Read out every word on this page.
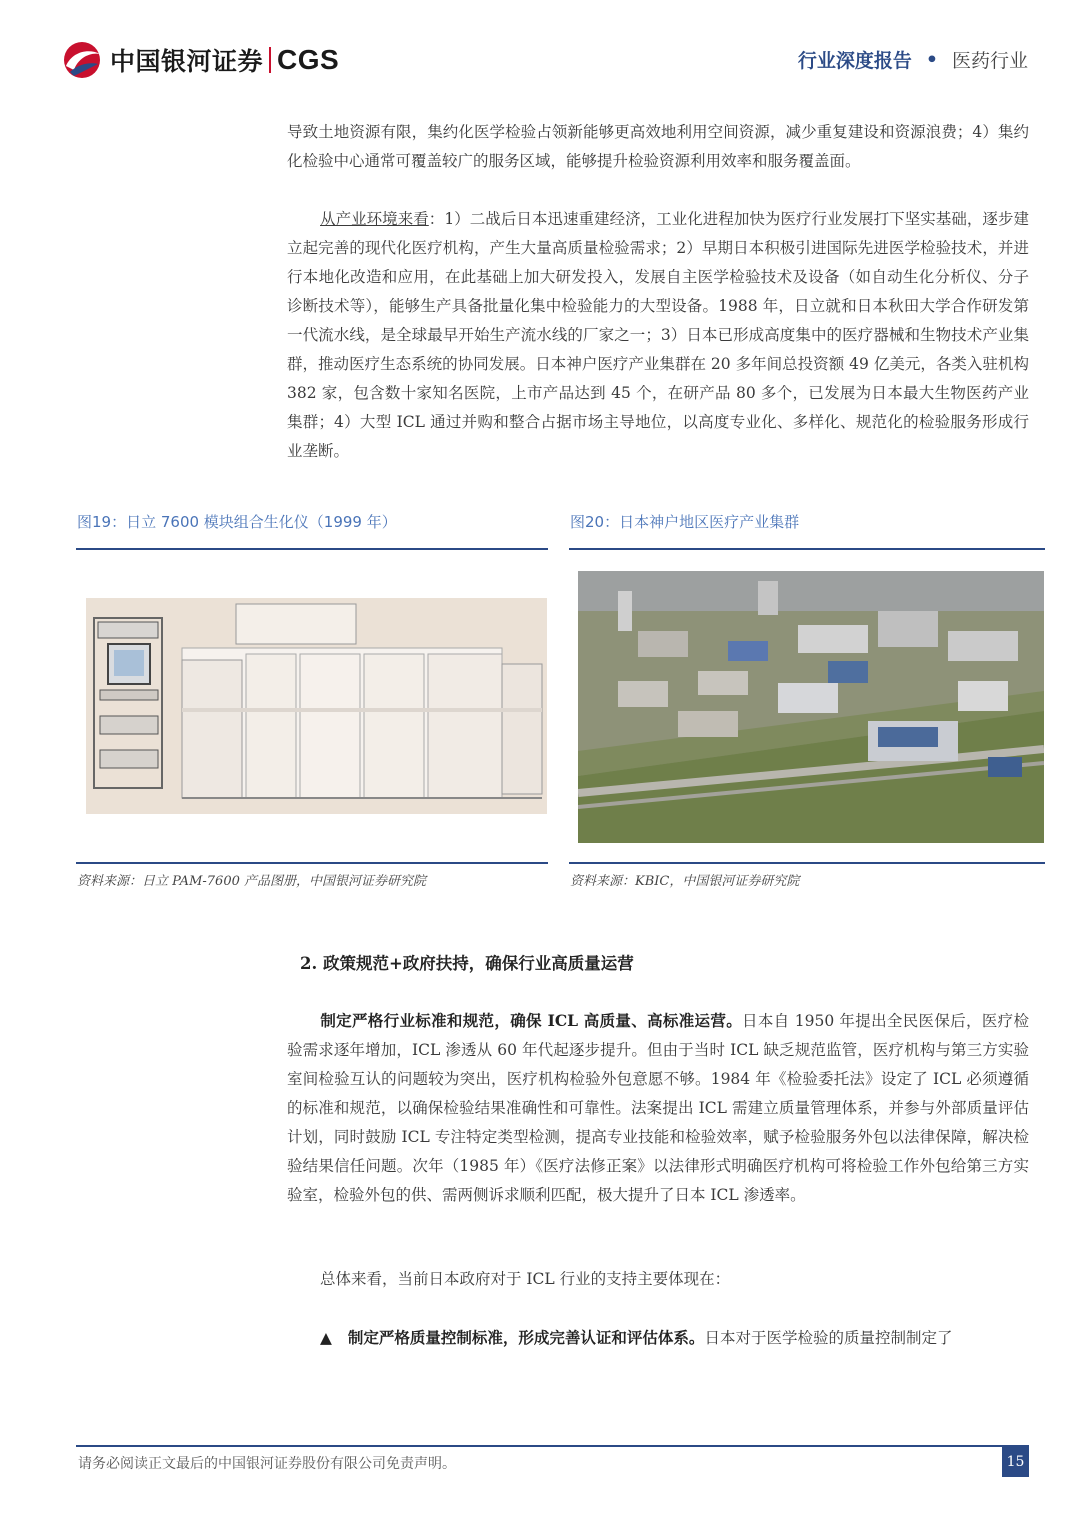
中国银河证券 CGS	行业深度报告 • 医药行业

导致土地资源有限，集约化医学检验占领新能够更高效地利用空间资源，减少重复建设和资源浪费；4）集约化检验中心通常可覆盖较广的服务区域，能够提升检验资源利用效率和服务覆盖面。

从产业环境来看：1）二战后日本迅速重建经济，工业化进程加快为医疗行业发展打下坚实基础，逐步建立起完善的现代化医疗机构，产生大量高质量检验需求；2）早期日本积极引进国际先进医学检验技术，并进行本地化改造和应用，在此基础上加大研发投入，发展自主医学检验技术及设备（如自动生化分析仪、分子诊断技术等），能够生产具备批量化集中检验能力的大型设备。1988 年，日立就和日本秋田大学合作研发第一代流水线，是全球最早开始生产流水线的厂家之一；3）日本已形成高度集中的医疗器械和生物技术产业集群，推动医疗生态系统的协同发展。日本神户医疗产业集群在 20 多年间总投资额 49 亿美元，各类入驻机构 382 家，包含数十家知名医院，上市产品达到 45 个，在研产品 80 多个，已发展为日本最大生物医药产业集群；4）大型 ICL 通过并购和整合占据市场主导地位，以高度专业化、多样化、规范化的检验服务形成行业垄断。

图19：日立 7600 模块组合生化仪（1999 年）
资料来源：日立 PAM-7600 产品图册，中国银河证券研究院
图20：日本神户地区医疗产业集群
资料来源：KBIC，中国银河证券研究院
2. 政策规范+政府扶持，确保行业高质量运营

制定严格行业标准和规范，确保 ICL 高质量、高标准运营。日本自 1950 年提出全民医保后，医疗检验需求逐年增加，ICL 渗透从 60 年代起逐步提升。但由于当时 ICL 缺乏规范监管，医疗机构与第三方实验室间检验互认的问题较为突出，医疗机构检验外包意愿不够。1984 年《检验委托法》设定了 ICL 必须遵循的标准和规范，以确保检验结果准确性和可靠性。法案提出 ICL 需建立质量管理体系，并参与外部质量评估计划，同时鼓励 ICL 专注特定类型检测，提高专业技能和检验效率，赋予检验服务外包以法律保障，解决检验结果信任问题。次年（1985 年）《医疗法修正案》以法律形式明确医疗机构可将检验工作外包给第三方实验室，检验外包的供、需两侧诉求顺利匹配，极大提升了日本 ICL 渗透率。

总体来看，当前日本政府对于 ICL 行业的支持主要体现在：

▲ 制定严格质量控制标准，形成完善认证和评估体系。日本对于医学检验的质量控制制定了

请务必阅读正文最后的中国银河证券股份有限公司免责声明。	15
